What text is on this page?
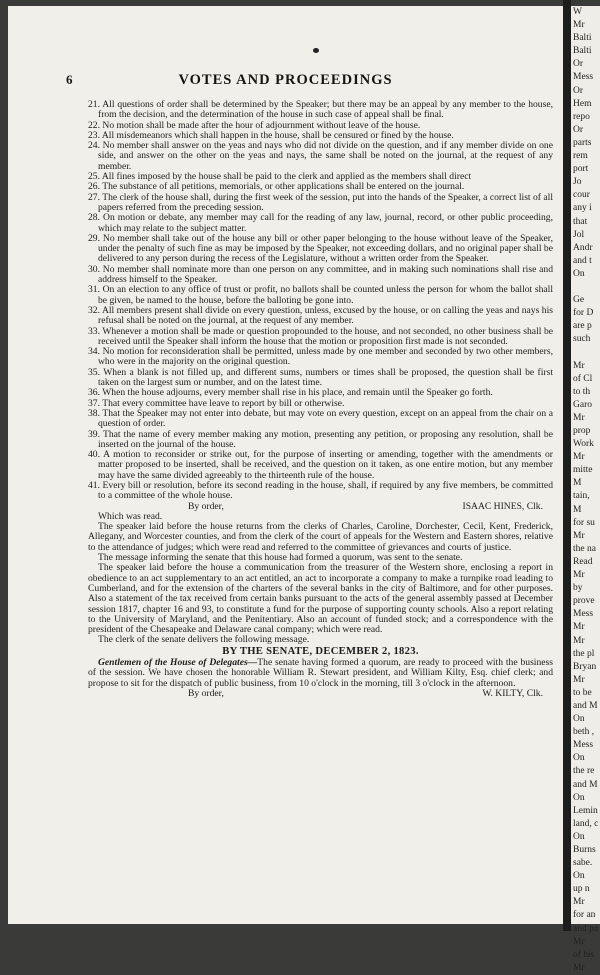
6	VOTES AND PROCEEDINGS

21. All questions of order shall be determined by the Speaker; but there may be an appeal by any member to the house, from the decision, and the determination of the house in such case of appeal shall be final.

22. No motion shall be made after the hour of adjournment without leave of the house.

23. All misdemeanors which shall happen in the house, shall be censured or fined by the house.

24. No member shall answer on the yeas and nays who did not divide on the question, and if any member divide on one side, and answer on the other on the yeas and nays, the same shall be noted on the journal, at the request of any member.

25. All fines imposed by the house shall be paid to the clerk and applied as the members shall direct

26. The substance of all petitions, memorials, or other applications shall be entered on the journal.

27. The clerk of the house shall, during the first week of the session, put into the hands of the Speaker, a correct list of all papers referred from the preceding session.

28. On motion or debate, any member may call for the reading of any law, journal, record, or other public proceeding, which may relate to the subject matter.

29. No member shall take out of the house any bill or other paper belonging to the house without leave of the Speaker, under the penalty of such fine as may be imposed by the Speaker, not exceeding dollars, and no original paper shall be delivered to any person during the recess of the Legislature, without a written order from the Speaker.

30. No member shall nominate more than one person on any committee, and in making such nominations shall rise and address himself to the Speaker.

31. On an election to any office of trust or profit, no ballots shall be counted unless the person for whom the ballot shall be given, be named to the house, before the balloting be gone into.

32. All members present shall divide on every question, unless, excused by the house, or on calling the yeas and nays his refusal shall be noted on the journal, at the request of any member.

33. Whenever a motion shall be made or question propounded to the house, and not seconded, no other business shall be received until the Speaker shall inform the house that the motion or proposition first made is not seconded.

34. No motion for reconsideration shall be permitted, unless made by one member and seconded by two other members, who were in the majority on the original question.

35. When a blank is not filled up, and different sums, numbers or times shall be proposed, the question shall be first taken on the largest sum or number, and on the latest time.

36. When the house adjourns, every member shall rise in his place, and remain until the Speaker go forth.

37. That every committee have leave to report by bill or otherwise.

38. That the Speaker may not enter into debate, but may vote on every question, except on an appeal from the chair on a question of order.

39. That the name of every member making any motion, presenting any petition, or proposing any resolution, shall be inserted on the journal of the house.

40. A motion to reconsider or strike out, for the purpose of inserting or amending, together with the amendments or matter proposed to be inserted, shall be received, and the question on it taken, as one entire motion, but any member may have the same divided agreeably to the thirteenth rule of the house.

41. Every bill or resolution, before its second reading in the house, shall, if required by any five members, be committed to a committee of the whole house.

By order,	ISAAC HINES, Clk.

Which was read.

The speaker laid before the house returns from the clerks of Charles, Caroline, Dorchester, Cecil, Kent, Frederick, Allegany, and Worcester counties, and from the clerk of the court of appeals for the Western and Eastern shores, relative to the attendance of judges; which were read and referred to the committee of grievances and courts of justice.

The message informing the senate that this house had formed a quorum, was sent to the senate.

The speaker laid before the house a communication from the treasurer of the Western shore, enclosing a report in obedience to an act supplementary to an act entitled, an act to incorporate a company to make a turnpike road leading to Cumberland, and for the extension of the charters of the several banks in the city of Baltimore, and for other purposes. Also a statement of the tax received from certain banks pursuant to the acts of the general assembly passed at December session 1817, chapter 16 and 93, to constitute a fund for the purpose of supporting county schools. Also a report relating to the University of Maryland, and the Penitentiary. Also an account of funded stock; and a correspondence with the president of the Chesapeake and Delaware canal company; which were read.

The clerk of the senate delivers the following message.

BY THE SENATE, DECEMBER 2, 1823.

Gentlemen of the House of Delegates—The senate having formed a quorum, are ready to proceed with the business of the session. We have chosen the honorable William R. Stewart president, and William Kilty, Esq. chief clerk; and propose to sit for the dispatch of public business, from 10 o'clock in the morning, till 3 o'clock in the afternoon.

By order,	W. KILTY, Clk.

W
Mr
Balti
Balti
Or
Mess
Or
Hem
repo
Or
parts
rem
port
Jo
cour
any i
that
Jol
Andr
and t
On

Ge
for D
are p
such

Mr
of Cl
to th
Garo
Mr
prop
Work
Mr
mitte
M
tain,
M
for su
Mr
the na
Read
Mr
by
prove
Mess
Mr
Mr
the pl
Bryan
Mr
to be
and M
On
beth ,
Mess
On
the re
and M
On
Lemin
land, c
On
Burns
sabe.
On
up n
Mr
for an
and pa
Mr
of his
Mr
